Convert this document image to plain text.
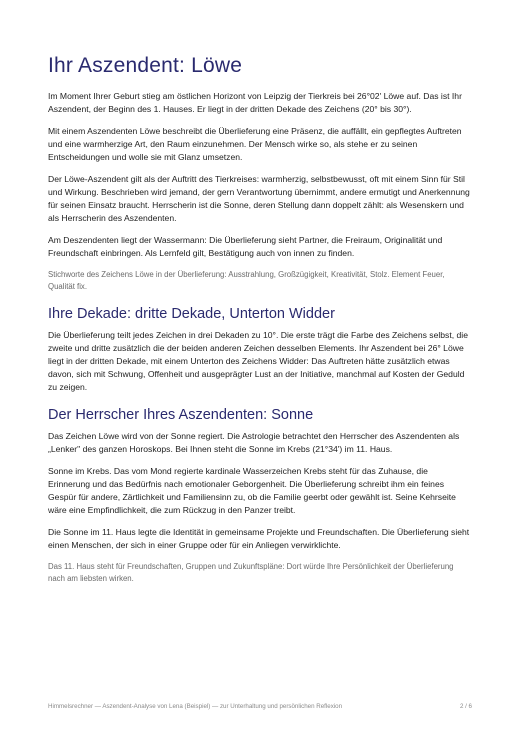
Ihr Aszendent: Löwe

Im Moment Ihrer Geburt stieg am östlichen Horizont von Leipzig der Tierkreis bei 26°02' Löwe auf. Das ist Ihr Aszendent, der Beginn des 1. Hauses. Er liegt in der dritten Dekade des Zeichens (20° bis 30°).

Mit einem Aszendenten Löwe beschreibt die Überlieferung eine Präsenz, die auffällt, ein gepflegtes Auftreten und eine warmherzige Art, den Raum einzunehmen. Der Mensch wirke so, als stehe er zu seinen Entscheidungen und wolle sie mit Glanz umsetzen.

Der Löwe-Aszendent gilt als der Auftritt des Tierkreises: warmherzig, selbstbewusst, oft mit einem Sinn für Stil und Wirkung. Beschrieben wird jemand, der gern Verantwortung übernimmt, andere ermutigt und Anerkennung für seinen Einsatz braucht. Herrscherin ist die Sonne, deren Stellung dann doppelt zählt: als Wesenskern und als Herrscherin des Aszendenten.

Am Deszendenten liegt der Wassermann: Die Überlieferung sieht Partner, die Freiraum, Originalität und Freundschaft einbringen. Als Lernfeld gilt, Bestätigung auch von innen zu finden.

Stichworte des Zeichens Löwe in der Überlieferung: Ausstrahlung, Großzügigkeit, Kreativität, Stolz. Element Feuer, Qualität fix.

Ihre Dekade: dritte Dekade, Unterton Widder

Die Überlieferung teilt jedes Zeichen in drei Dekaden zu 10°. Die erste trägt die Farbe des Zeichens selbst, die zweite und dritte zusätzlich die der beiden anderen Zeichen desselben Elements. Ihr Aszendent bei 26° Löwe liegt in der dritten Dekade, mit einem Unterton des Zeichens Widder: Das Auftreten hätte zusätzlich etwas davon, sich mit Schwung, Offenheit und ausgeprägter Lust an der Initiative, manchmal auf Kosten der Geduld zu zeigen.

Der Herrscher Ihres Aszendenten: Sonne

Das Zeichen Löwe wird von der Sonne regiert. Die Astrologie betrachtet den Herrscher des Aszendenten als „Lenker" des ganzen Horoskops. Bei Ihnen steht die Sonne im Krebs (21°34') im 11. Haus.

Sonne im Krebs. Das vom Mond regierte kardinale Wasserzeichen Krebs steht für das Zuhause, die Erinnerung und das Bedürfnis nach emotionaler Geborgenheit. Die Überlieferung schreibt ihm ein feines Gespür für andere, Zärtlichkeit und Familiensinn zu, ob die Familie geerbt oder gewählt ist. Seine Kehrseite wäre eine Empfindlichkeit, die zum Rückzug in den Panzer treibt.

Die Sonne im 11. Haus legte die Identität in gemeinsame Projekte und Freundschaften. Die Überlieferung sieht einen Menschen, der sich in einer Gruppe oder für ein Anliegen verwirklichte.

Das 11. Haus steht für Freundschaften, Gruppen und Zukunftspläne: Dort würde Ihre Persönlichkeit der Überlieferung nach am liebsten wirken.

Himmelsrechner — Aszendent-Analyse von Lena (Beispiel) — zur Unterhaltung und persönlichen Reflexion	2 / 6
